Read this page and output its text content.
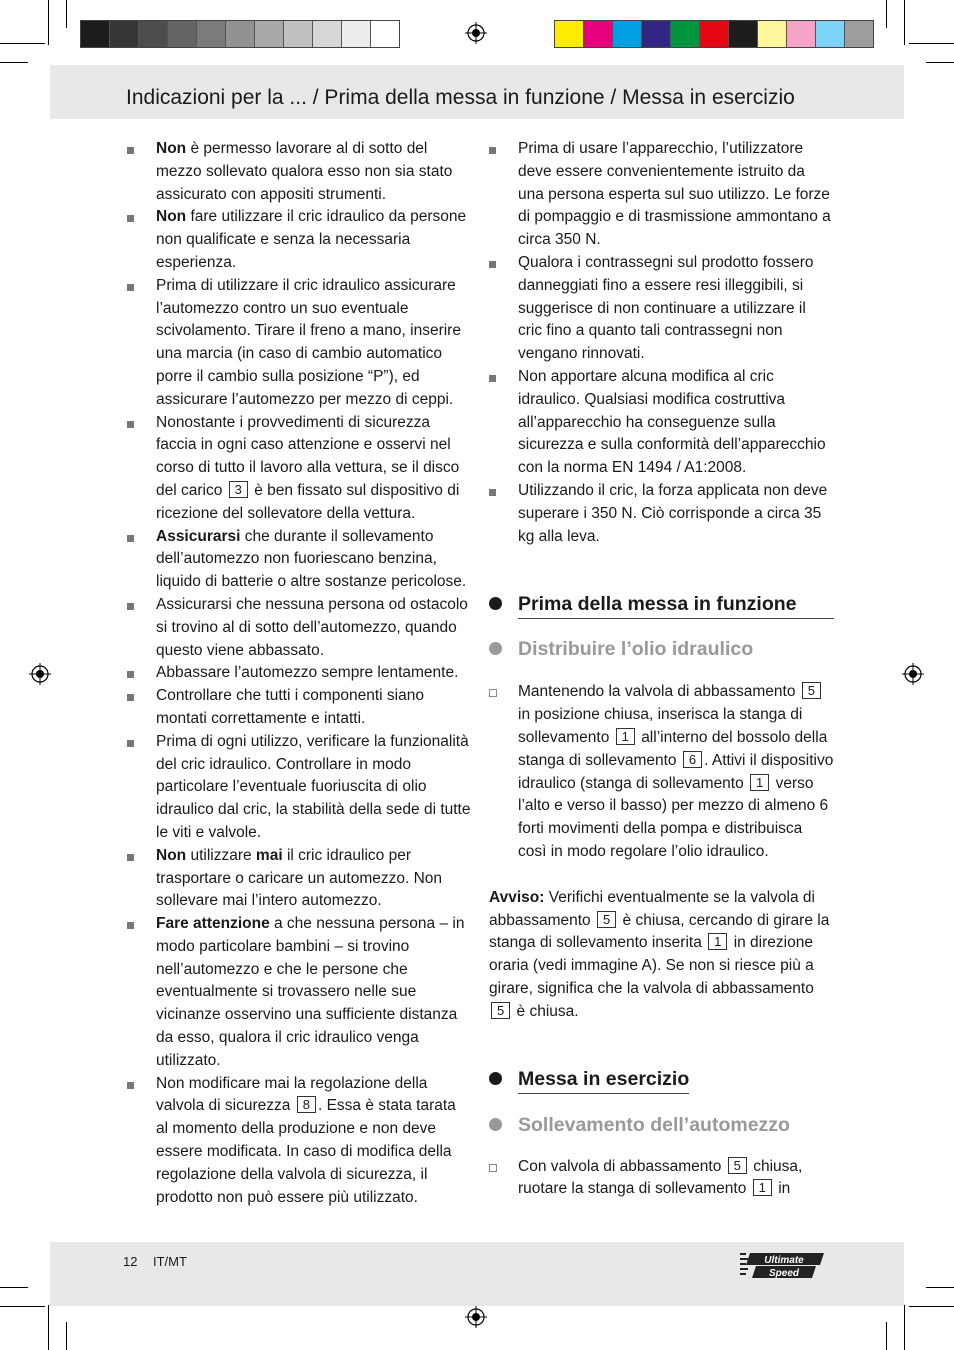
Indicazioni per la ... / Prima della messa in funzione / Messa in esercizio
Non è permesso lavorare al di sotto del mezzo sollevato qualora esso non sia stato assicurato con appositi strumenti.
Non fare utilizzare il cric idraulico da persone non qualificate e senza la necessaria esperienza.
Prima di utilizzare il cric idraulico assicurare l’automezzo contro un suo eventuale scivolamento. Tirare il freno a mano, inserire una marcia (in caso di cambio automatico porre il cambio sulla posizione “P”), ed assicurare l’automezzo per mezzo di ceppi.
Nonostante i provvedimenti di sicurezza faccia in ogni caso attenzione e osservi nel corso di tutto il lavoro alla vettura, se il disco del carico 3 è ben fissato sul dispositivo di ricezione del sollevatore della vettura.
Assicurarsi che durante il sollevamento dell’automezzo non fuoriescano benzina, liquido di batterie o altre sostanze pericolose.
Assicurarsi che nessuna persona od ostacolo si trovino al di sotto dell’automezzo, quando questo viene abbassato.
Abbassare l’automezzo sempre lentamente.
Controllare che tutti i componenti siano montati correttamente e intatti.
Prima di ogni utilizzo, verificare la funzionalità del cric idraulico. Controllare in modo particolare l’eventuale fuoriuscita di olio idraulico dal cric, la stabilità della sede di tutte le viti e valvole.
Non utilizzare mai il cric idraulico per trasportare o caricare un automezzo. Non sollevare mai l’intero automezzo.
Fare attenzione a che nessuna persona – in modo particolare bambini – si trovino nell’automezzo e che le persone che eventualmente si trovassero nelle sue vicinanze osservino una sufficiente distanza da esso, qualora il cric idraulico venga utilizzato.
Non modificare mai la regolazione della valvola di sicurezza 8 . Essa è stata tarata al momento della produzione e non deve essere modificata. In caso di modifica della regolazione della valvola di sicurezza, il prodotto non può essere più utilizzato.
Prima di usare l’apparecchio, l’utilizzatore deve essere convenientemente istruito da una persona esperta sul suo utilizzo. Le forze di pompaggio e di trasmissione ammontano a circa 350 N.
Qualora i contrassegni sul prodotto fossero danneggiati fino a essere resi illeggibili, si suggerisce di non continuare a utilizzare il cric fino a quanto tali contrassegni non vengano rinnovati.
Non apportare alcuna modifica al cric idraulico. Qualsiasi modifica costruttiva all’apparecchio ha conseguenze sulla sicurezza e sulla conformità dell’apparecchio con la norma EN 1494 / A1:2008.
Utilizzando il cric, la forza applicata non deve superare i 350 N. Ciò corrisponde a circa 35 kg alla leva.
Prima della messa in funzione
Distribuire l’olio idraulico
Mantenendo la valvola di abbassamento 5 in posizione chiusa, inserisca la stanga di sollevamento 1 all’interno del bossolo della stanga di sollevamento 6 . Attivi il dispositivo idraulico (stanga di sollevamento 1 verso l’alto e verso il basso) per mezzo di almeno 6 forti movimenti della pompa e distribuisca così in modo regolare l’olio idraulico.

Avviso: Verifichi eventualmente se la valvola di abbassamento 5 è chiusa, cercando di girare la stanga di sollevamento inserita 1 in direzione oraria (vedi immagine A). Se non si riesce più a girare, significa che la valvola di abbassamento 5 è chiusa.

Messa in esercizio
Sollevamento dell’automezzo
Con valvola di abbassamento 5 chiusa, ruotare la stanga di sollevamento 1 in
12 IT/MT	Ultimate
Speed
